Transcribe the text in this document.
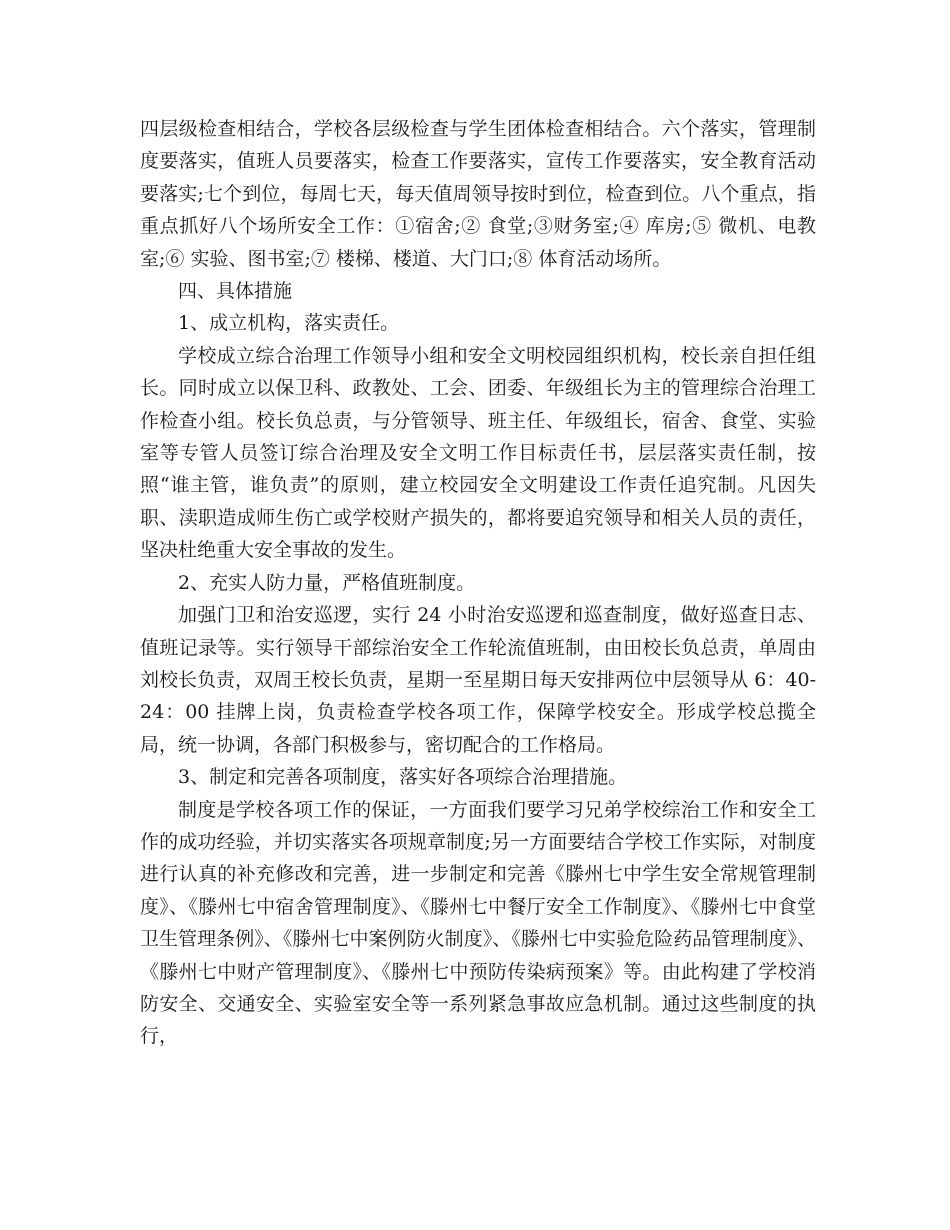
四层级检查相结合，学校各层级检查与学生团体检查相结合。六个落实，管理制度要落实，值班人员要落实，检查工作要落实，宣传工作要落实，安全教育活动要落实;七个到位，每周七天，每天值周领导按时到位，检查到位。八个重点，指重点抓好八个场所安全工作：①宿舍;② 食堂;③财务室;④ 库房;⑤ 微机、电教室;⑥ 实验、图书室;⑦ 楼梯、楼道、大门口;⑧ 体育活动场所。

四、具体措施

1、成立机构，落实责任。

学校成立综合治理工作领导小组和安全文明校园组织机构，校长亲自担任组长。同时成立以保卫科、政教处、工会、团委、年级组长为主的管理综合治理工作检查小组。校长负总责，与分管领导、班主任、年级组长，宿舍、食堂、实验室等专管人员签订综合治理及安全文明工作目标责任书，层层落实责任制，按照“谁主管，谁负责”的原则，建立校园安全文明建设工作责任追究制。凡因失职、渎职造成师生伤亡或学校财产损失的，都将要追究领导和相关人员的责任，坚决杜绝重大安全事故的发生。

2、充实人防力量，严格值班制度。

加强门卫和治安巡逻，实行 24 小时治安巡逻和巡查制度，做好巡查日志、值班记录等。实行领导干部综治安全工作轮流值班制，由田校长负总责，单周由刘校长负责，双周王校长负责，星期一至星期日每天安排两位中层领导从 6：40-24：00 挂牌上岗，负责检查学校各项工作，保障学校安全。形成学校总揽全局，统一协调，各部门积极参与，密切配合的工作格局。

3、制定和完善各项制度，落实好各项综合治理措施。

制度是学校各项工作的保证，一方面我们要学习兄弟学校综治工作和安全工作的成功经验，并切实落实各项规章制度;另一方面要结合学校工作实际，对制度进行认真的补充修改和完善，进一步制定和完善《滕州七中学生安全常规管理制度》、《滕州七中宿舍管理制度》、《滕州七中餐厅安全工作制度》、《滕州七中食堂卫生管理条例》、《滕州七中案例防火制度》、《滕州七中实验危险药品管理制度》、《滕州七中财产管理制度》、《滕州七中预防传染病预案》等。由此构建了学校消防安全、交通安全、实验室安全等一系列紧急事故应急机制。通过这些制度的执行，
